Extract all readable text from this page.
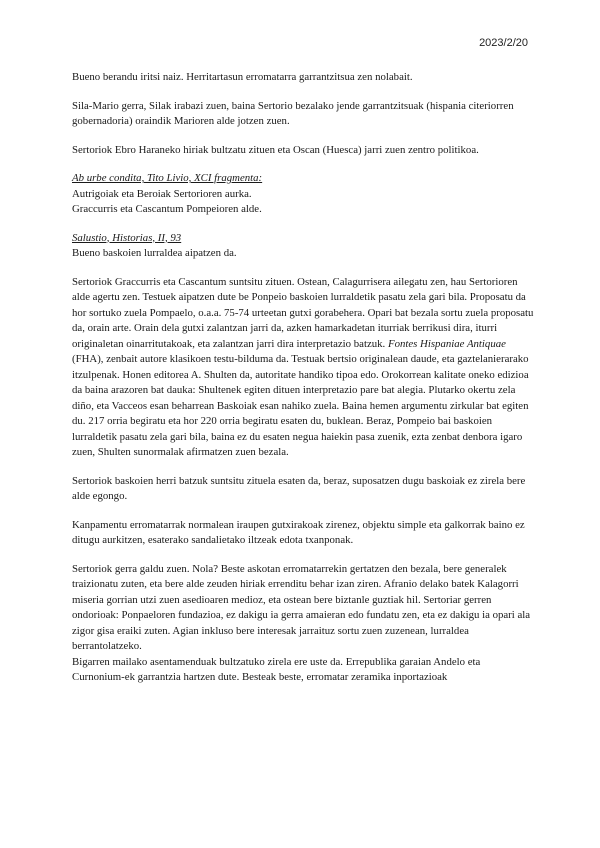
2023/2/20

Bueno berandu iritsi naiz. Herritartasun erromatarra garrantzitsua zen nolabait.

Sila-Mario gerra, Silak irabazi zuen, baina Sertorio bezalako jende garrantzitsuak (hispania citeriorren gobernadoria) oraindik Marioren alde jotzen zuen.

Sertoriok Ebro Haraneko hiriak bultzatu zituen eta Oscan (Huesca) jarri zuen zentro politikoa.

Ab urbe condita, Tito Livio, XCI fragmenta:

Autrigoiak eta Beroiak Sertorioren aurka.

Graccurris eta Cascantum Pompeioren alde.

Salustio, Historias, II, 93

Bueno baskoien lurraldea aipatzen da.

Sertoriok Graccurris eta Cascantum suntsitu zituen. Ostean, Calagurrisera ailegatu zen, hau Sertorioren alde agertu zen. Testuek aipatzen dute be Ponpeio baskoien lurraldetik pasatu zela gari bila. Proposatu da hor sortuko zuela Pompaelo, o.a.a. 75-74 urteetan gutxi gorabehera. Opari bat bezala sortu zuela proposatu da, orain arte. Orain dela gutxi zalantzan jarri da, azken hamarkadetan iturriak berrikusi dira, iturri originaletan oinarritutakoak, eta zalantzan jarri dira interpretazio batzuk. Fontes Hispaniae Antiquae (FHA), zenbait autore klasikoen testu-bilduma da. Testuak bertsio originalean daude, eta gaztelanierarako itzulpenak. Honen editorea A. Shulten da, autoritate handiko tipoa edo. Orokorrean kalitate oneko edizioa da baina arazoren bat dauka: Shultenek egiten dituen interpretazio pare bat alegia. Plutarko okertu zela diño, eta Vacceos esan beharrean Baskoiak esan nahiko zuela. Baina hemen argumentu zirkular bat egiten du. 217 orria begiratu eta hor 220 orria begiratu esaten du, buklean. Beraz, Pompeio bai baskoien lurraldetik pasatu zela gari bila, baina ez du esaten negua haiekin pasa zuenik, ezta zenbat denbora igaro zuen, Shulten sunormalak afirmatzen zuen bezala.

Sertoriok baskoien herri batzuk suntsitu zituela esaten da, beraz, suposatzen dugu baskoiak ez zirela bere alde egongo.

Kanpamentu erromatarrak normalean iraupen gutxirakoak zirenez, objektu simple eta galkorrak baino ez ditugu aurkitzen, esaterako sandalietako iltzeak edota txanponak.

Sertoriok gerra galdu zuen. Nola? Beste askotan erromatarrekin gertatzen den bezala, bere generalek traizionatu zuten, eta bere alde zeuden hiriak errenditu behar izan ziren. Afranio delako batek Kalagorri miseria gorrian utzi zuen asedioaren medioz, eta ostean bere biztanle guztiak hil. Sertoriar gerren ondorioak: Ponpaeloren fundazioa, ez dakigu ia gerra amaieran edo fundatu zen, eta ez dakigu ia opari ala zigor gisa eraiki zuten. Agian inkluso bere interesak jarraituz sortu zuen zuzenean, lurraldea berrantolatzeko.

Bigarren mailako asentamenduak bultzatuko zirela ere uste da. Errepublika garaian Andelo eta Curnonium-ek garrantzia hartzen dute. Besteak beste, erromatar zeramika inportazioak
